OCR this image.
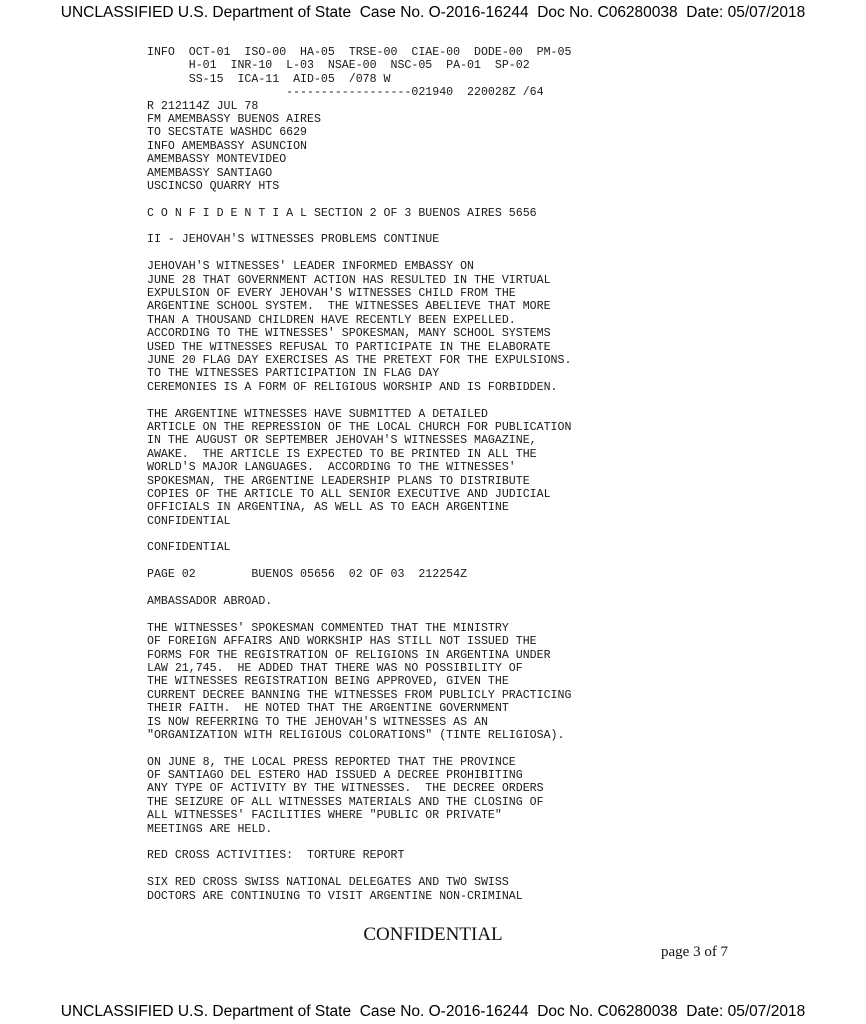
UNCLASSIFIED U.S. Department of State  Case No. O-2016-16244  Doc No. C06280038  Date: 05/07/2018
INFO  OCT-01  ISO-00  HA-05  TRSE-00  CIAE-00  DODE-00  PM-05
H-01  INR-10  L-03  NSAE-00  NSC-05  PA-01  SP-02
SS-15  ICA-11  AID-05  /078 W
------------------021940  220028Z /64
R 212114Z JUL 78
FM AMEMBASSY BUENOS AIRES
TO SECSTATE WASHDC 6629
INFO AMEMBASSY ASUNCION
AMEMBASSY MONTEVIDEO
AMEMBASSY SANTIAGO
USCINCSO QUARRY HTS
C O N F I D E N T I A L SECTION 2 OF 3 BUENOS AIRES 5656
II - JEHOVAH'S WITNESSES PROBLEMS CONTINUE
JEHOVAH'S WITNESSES' LEADER INFORMED EMBASSY ON
JUNE 28 THAT GOVERNMENT ACTION HAS RESULTED IN THE VIRTUAL
EXPULSION OF EVERY JEHOVAH'S WITNESSES CHILD FROM THE
ARGENTINE SCHOOL SYSTEM.  THE WITNESSES ABELIEVE THAT MORE
THAN A THOUSAND CHILDREN HAVE RECENTLY BEEN EXPELLED.
ACCORDING TO THE WITNESSES' SPOKESMAN, MANY SCHOOL SYSTEMS
USED THE WITNESSES REFUSAL TO PARTICIPATE IN THE ELABORATE
JUNE 20 FLAG DAY EXERCISES AS THE PRETEXT FOR THE EXPULSIONS.
TO THE WITNESSES PARTICIPATION IN FLAG DAY
CEREMONIES IS A FORM OF RELIGIOUS WORSHIP AND IS FORBIDDEN.
THE ARGENTINE WITNESSES HAVE SUBMITTED A DETAILED
ARTICLE ON THE REPRESSION OF THE LOCAL CHURCH FOR PUBLICATION
IN THE AUGUST OR SEPTEMBER JEHOVAH'S WITNESSES MAGAZINE,
AWAKE.  THE ARTICLE IS EXPECTED TO BE PRINTED IN ALL THE
WORLD'S MAJOR LANGUAGES.  ACCORDING TO THE WITNESSES'
SPOKESMAN, THE ARGENTINE LEADERSHIP PLANS TO DISTRIBUTE
COPIES OF THE ARTICLE TO ALL SENIOR EXECUTIVE AND JUDICIAL
OFFICIALS IN ARGENTINA, AS WELL AS TO EACH ARGENTINE
CONFIDENTIAL
CONFIDENTIAL
PAGE 02        BUENOS 05656  02 OF 03  212254Z
AMBASSADOR ABROAD.
THE WITNESSES' SPOKESMAN COMMENTED THAT THE MINISTRY
OF FOREIGN AFFAIRS AND WORKSHIP HAS STILL NOT ISSUED THE
FORMS FOR THE REGISTRATION OF RELIGIONS IN ARGENTINA UNDER
LAW 21,745.  HE ADDED THAT THERE WAS NO POSSIBILITY OF
THE WITNESSES REGISTRATION BEING APPROVED, GIVEN THE
CURRENT DECREE BANNING THE WITNESSES FROM PUBLICLY PRACTICING
THEIR FAITH.  HE NOTED THAT THE ARGENTINE GOVERNMENT
IS NOW REFERRING TO THE JEHOVAH'S WITNESSES AS AN
"ORGANIZATION WITH RELIGIOUS COLORATIONS" (TINTE RELIGIOSA).
ON JUNE 8, THE LOCAL PRESS REPORTED THAT THE PROVINCE
OF SANTIAGO DEL ESTERO HAD ISSUED A DECREE PROHIBITING
ANY TYPE OF ACTIVITY BY THE WITNESSES.  THE DECREE ORDERS
THE SEIZURE OF ALL WITNESSES MATERIALS AND THE CLOSING OF
ALL WITNESSES' FACILITIES WHERE "PUBLIC OR PRIVATE"
MEETINGS ARE HELD.
RED CROSS ACTIVITIES:  TORTURE REPORT
SIX RED CROSS SWISS NATIONAL DELEGATES AND TWO SWISS
DOCTORS ARE CONTINUING TO VISIT ARGENTINE NON-CRIMINAL
CONFIDENTIAL
page 3 of 7
UNCLASSIFIED U.S. Department of State  Case No. O-2016-16244  Doc No. C06280038  Date: 05/07/2018
